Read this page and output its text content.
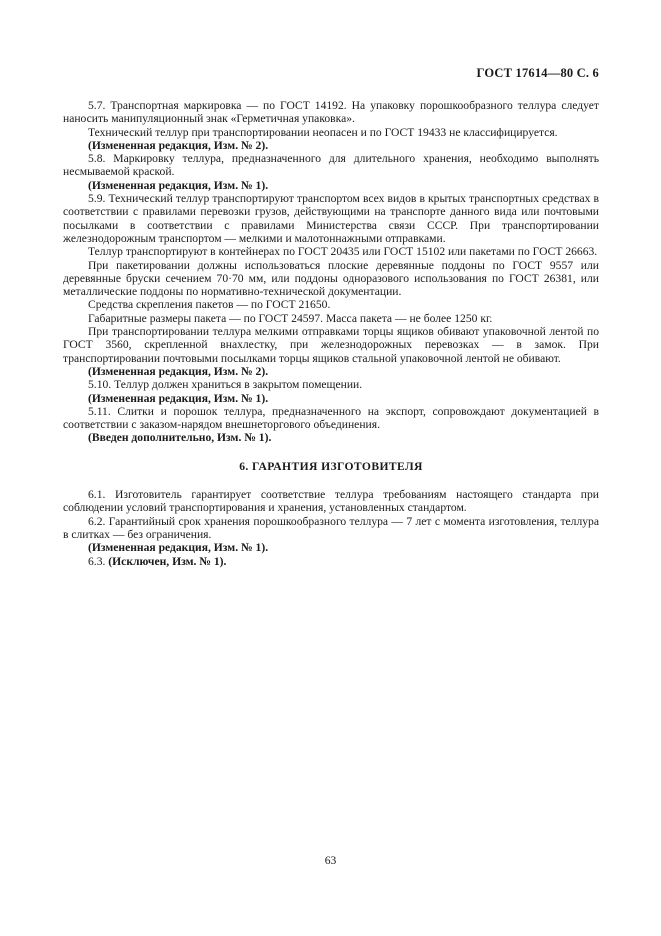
ГОСТ 17614—80 С. 6

5.7. Транспортная маркировка — по ГОСТ 14192. На упаковку порошкообразного теллура следует наносить манипуляционный знак «Герметичная упаковка».

Технический теллур при транспортировании неопасен и по ГОСТ 19433 не классифицируется.

(Измененная редакция, Изм. № 2).

5.8. Маркировку теллура, предназначенного для длительного хранения, необходимо выполнять несмываемой краской.

(Измененная редакция, Изм. № 1).

5.9. Технический теллур транспортируют транспортом всех видов в крытых транспортных средствах в соответствии с правилами перевозки грузов, действующими на транспорте данного вида или почтовыми посылками в соответствии с правилами Министерства связи СССР. При транспортировании железнодорожным транспортом — мелкими и малотоннажными отправками.

Теллур транспортируют в контейнерах по ГОСТ 20435 или ГОСТ 15102 или пакетами по ГОСТ 26663.

При пакетировании должны использоваться плоские деревянные поддоны по ГОСТ 9557 или деревянные бруски сечением 70·70 мм, или поддоны одноразового использования по ГОСТ 26381, или металлические поддоны по нормативно-технической документации.

Средства скрепления пакетов — по ГОСТ 21650.

Габаритные размеры пакета — по ГОСТ 24597. Масса пакета — не более 1250 кг.

При транспортировании теллура мелкими отправками торцы ящиков обивают упаковочной лентой по ГОСТ 3560, скрепленной внахлестку, при железнодорожных перевозках — в замок. При транспортировании почтовыми посылками торцы ящиков стальной упаковочной лентой не обивают.

(Измененная редакция, Изм. № 2).

5.10. Теллур должен храниться в закрытом помещении.

(Измененная редакция, Изм. № 1).

5.11. Слитки и порошок теллура, предназначенного на экспорт, сопровождают документацией в соответствии с заказом-нарядом внешнеторгового объединения.

(Введен дополнительно, Изм. № 1).

6. ГАРАНТИЯ ИЗГОТОВИТЕЛЯ

6.1. Изготовитель гарантирует соответствие теллура требованиям настоящего стандарта при соблюдении условий транспортирования и хранения, установленных стандартом.

6.2. Гарантийный срок хранения порошкообразного теллура — 7 лет с момента изготовления, теллура в слитках — без ограничения.

(Измененная редакция, Изм. № 1).

6.3. (Исключен, Изм. № 1).

63
